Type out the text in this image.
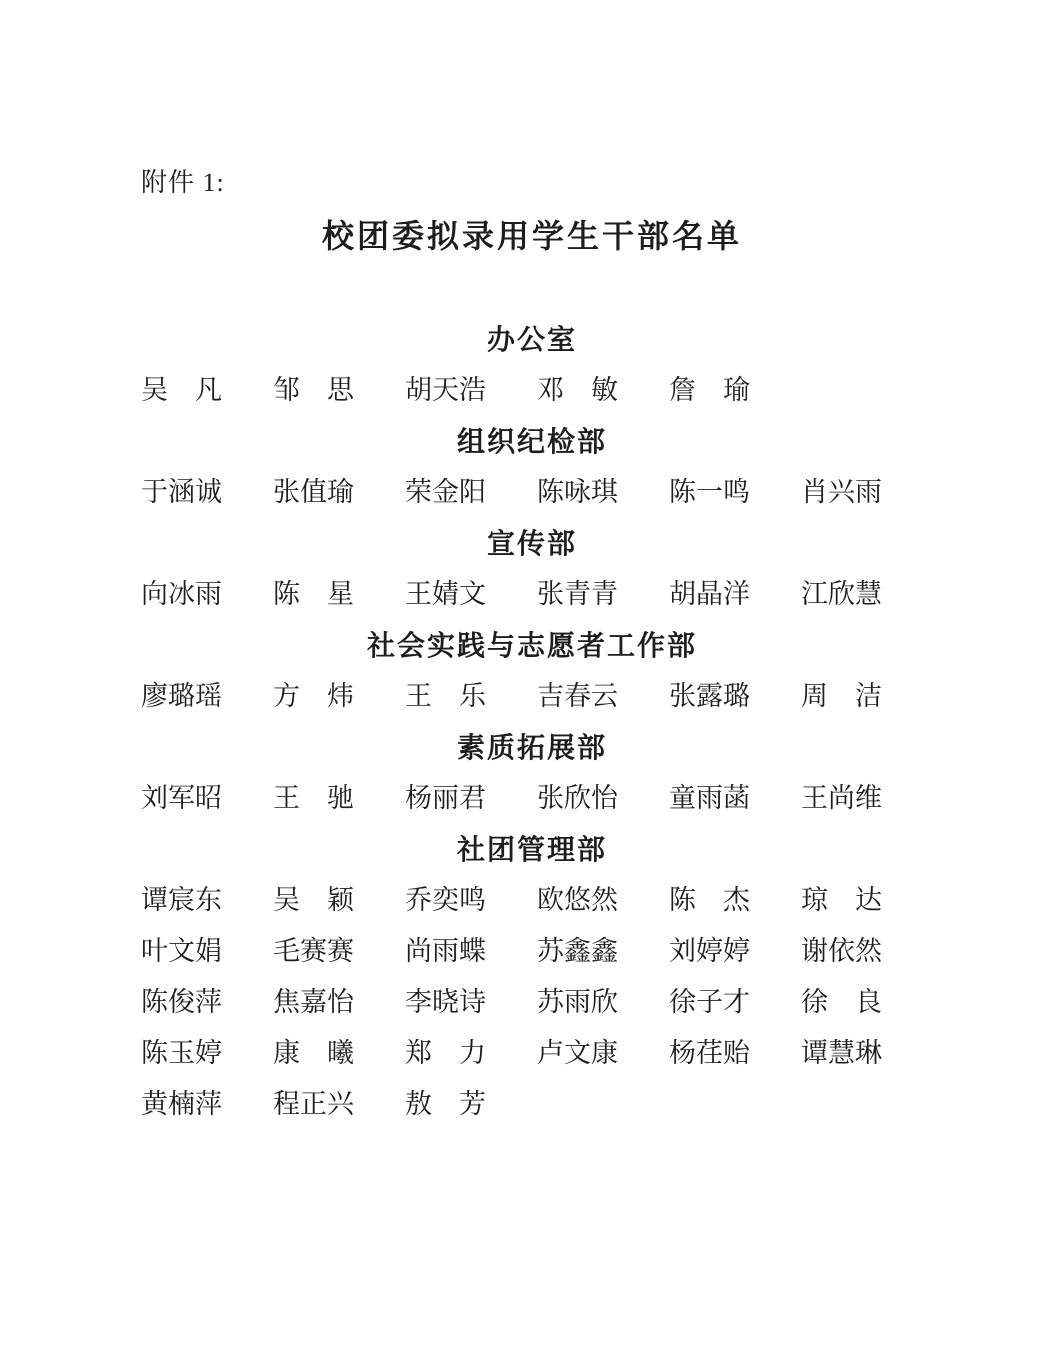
附件 1:
校团委拟录用学生干部名单
办公室
吴　凡 邹　思 胡天浩 邓　敏 詹　瑜
组织纪检部
于涵诚 张值瑜 荣金阳 陈咏琪 陈一鸣 肖兴雨
宣传部
向冰雨 陈　星 王婧文 张青青 胡晶洋 江欣慧
社会实践与志愿者工作部
廖璐瑶 方　炜 王　乐 吉春云 张露璐 周　洁
素质拓展部
刘军昭 王　驰 杨丽君 张欣怡 童雨菡 王尚维
社团管理部
谭宸东 吴　颖 乔奕鸣 欧悠然 陈　杰 琼　达
叶文娟 毛赛赛 尚雨蝶 苏鑫鑫 刘婷婷 谢依然
陈俊萍 焦嘉怡 李晓诗 苏雨欣 徐子才 徐　良
陈玉婷 康　曦 郑　力 卢文康 杨荏贻 谭慧琳
黄楠萍 程正兴 敖　芳
